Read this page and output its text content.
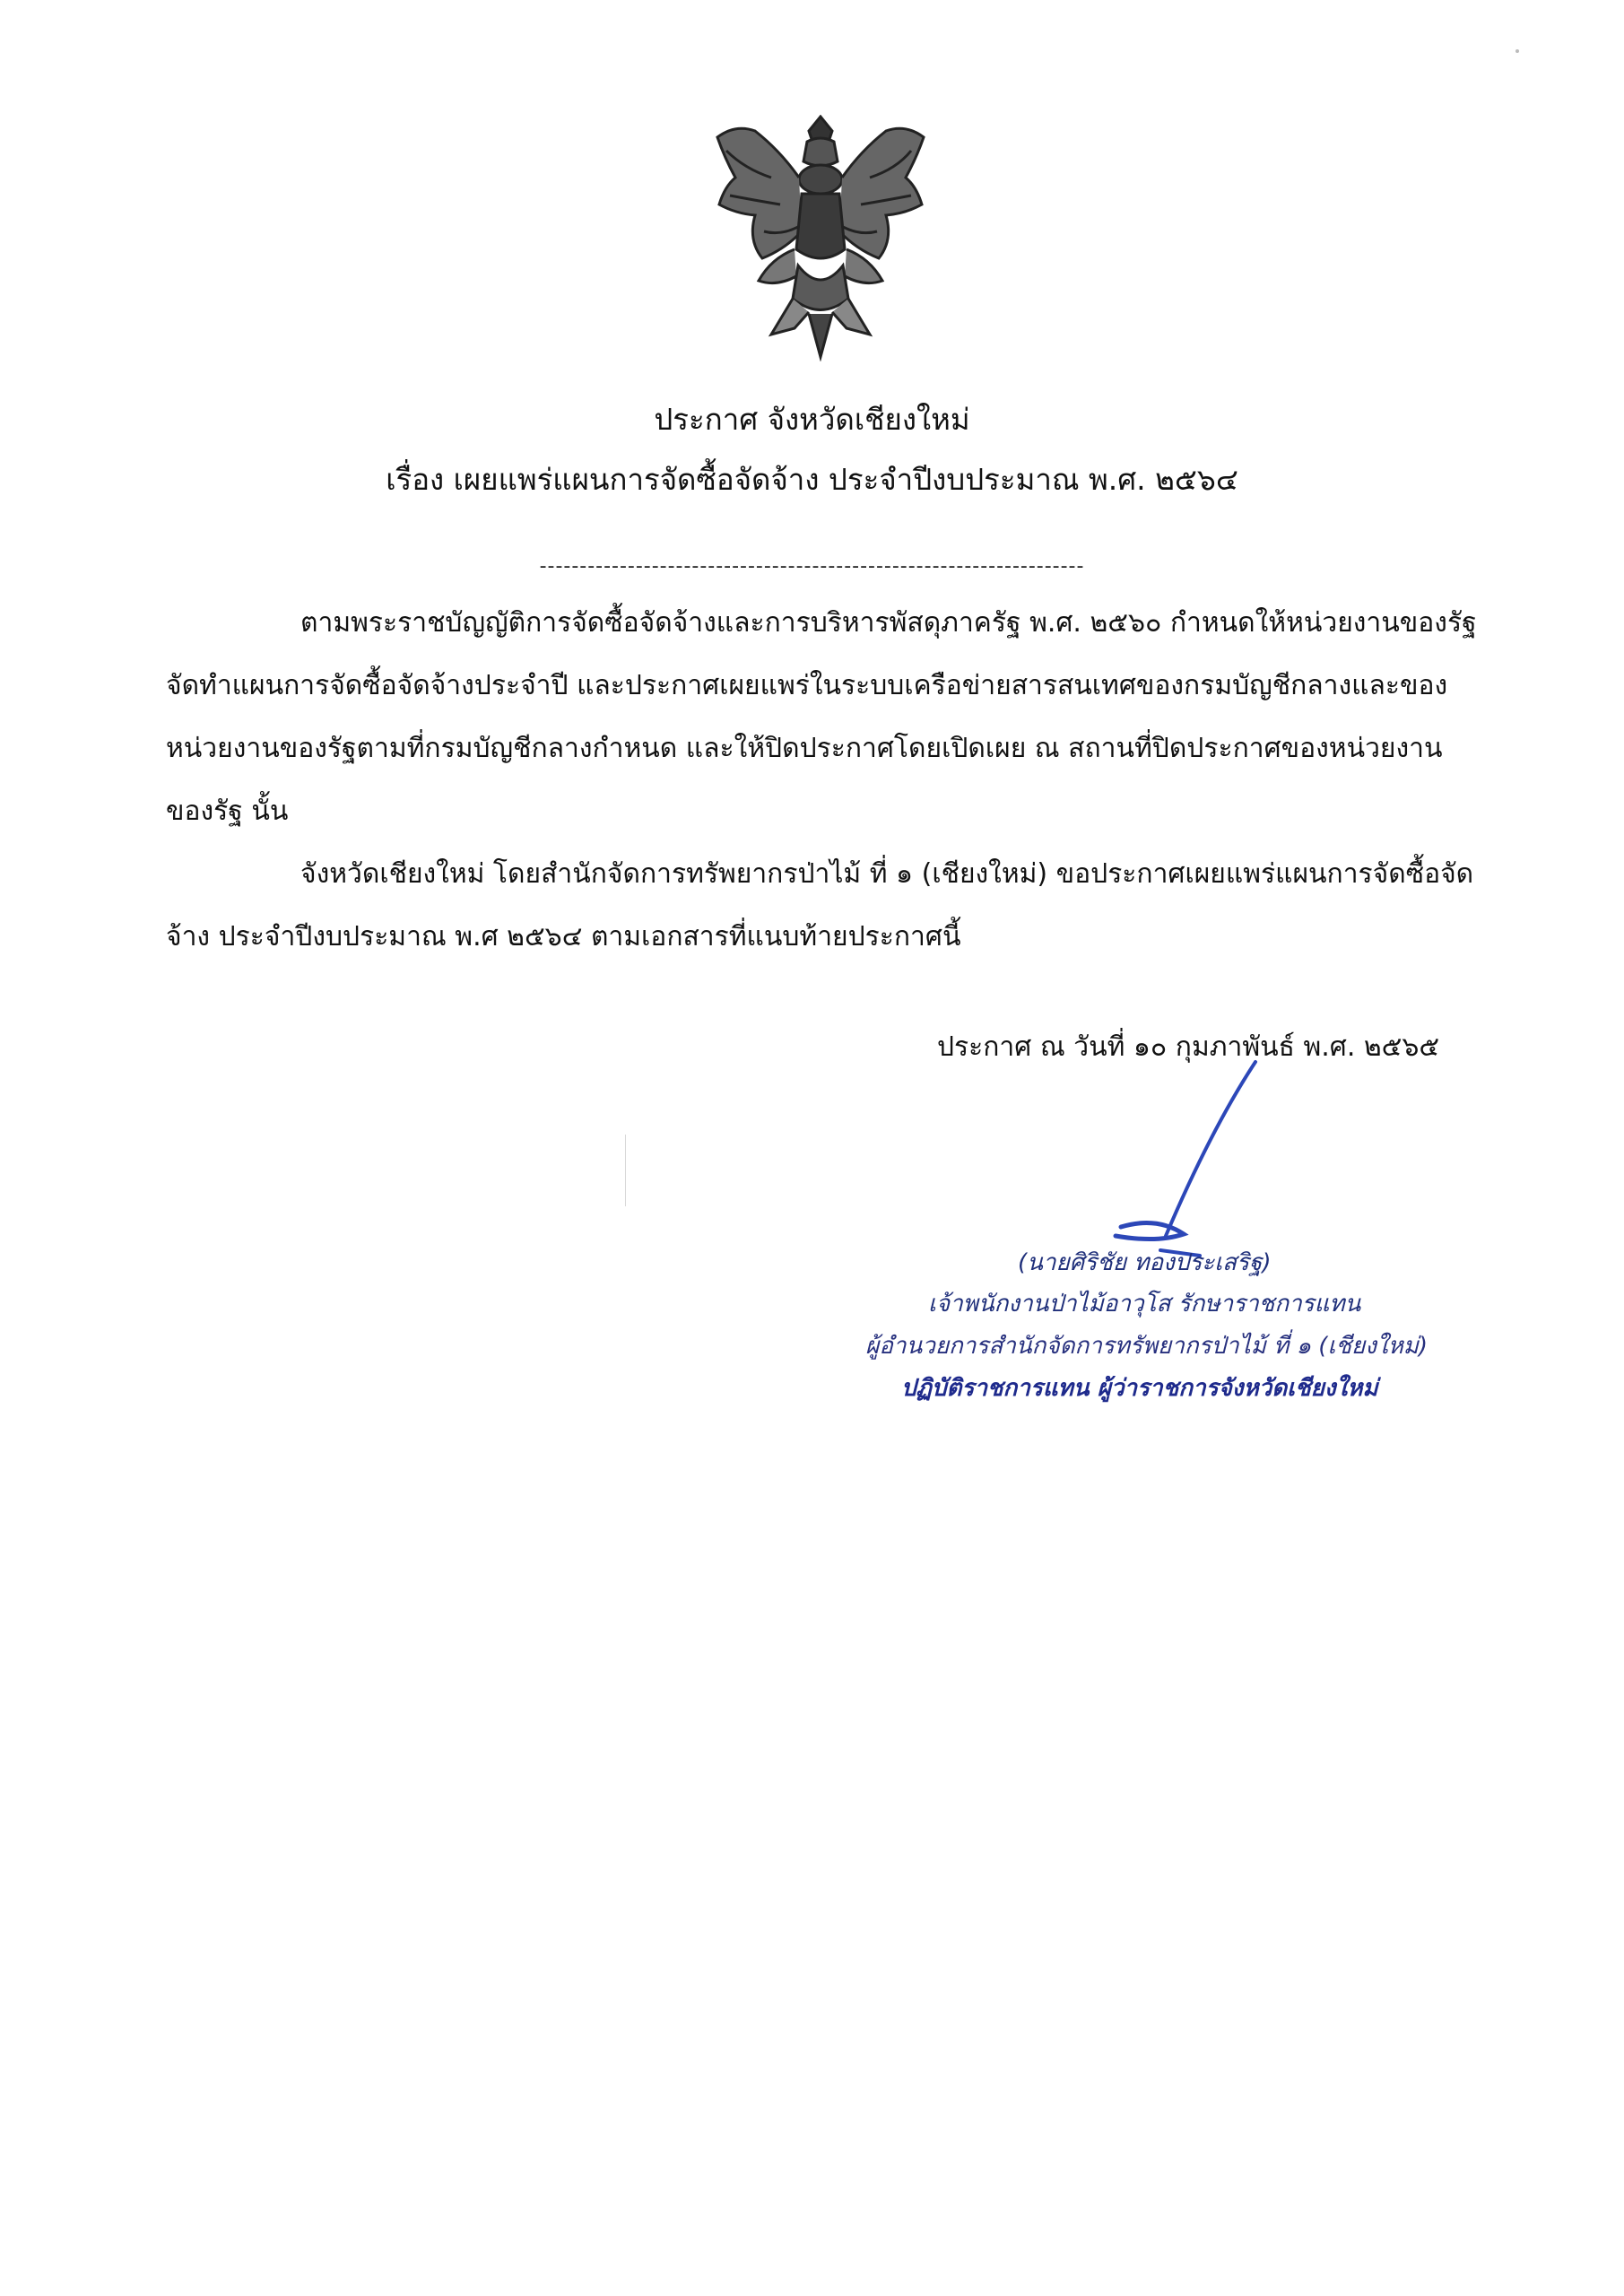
ประกาศ จังหวัดเชียงใหม่
เรื่อง เผยแพร่แผนการจัดซื้อจัดจ้าง ประจำปีงบประมาณ พ.ศ. ๒๕๖๔
--------------------------------------------------------------------
ตามพระราชบัญญัติการจัดซื้อจัดจ้างและการบริหารพัสดุภาครัฐ พ.ศ. ๒๕๖๐ กำหนดให้หน่วยงานของรัฐ
จัดทำแผนการจัดซื้อจัดจ้างประจำปี และประกาศเผยแพร่ในระบบเครือข่ายสารสนเทศของกรมบัญชีกลางและของ
หน่วยงานของรัฐตามที่กรมบัญชีกลางกำหนด และให้ปิดประกาศโดยเปิดเผย ณ สถานที่ปิดประกาศของหน่วยงาน
ของรัฐ นั้น
จังหวัดเชียงใหม่ โดยสำนักจัดการทรัพยากรป่าไม้ ที่ ๑ (เชียงใหม่) ขอประกาศเผยแพร่แผนการจัดซื้อจัด
จ้าง ประจำปีงบประมาณ พ.ศ ๒๕๖๔ ตามเอกสารที่แนบท้ายประกาศนี้
ประกาศ ณ วันที่ ๑๐ กุมภาพันธ์ พ.ศ. ๒๕๖๕
(นายศิริชัย ทองประเสริฐ)
เจ้าพนักงานป่าไม้อาวุโส รักษาราชการแทน
ผู้อำนวยการสำนักจัดการทรัพยากรป่าไม้ ที่ ๑ (เชียงใหม่)
ปฏิบัติราชการแทน ผู้ว่าราชการจังหวัดเชียงใหม่
